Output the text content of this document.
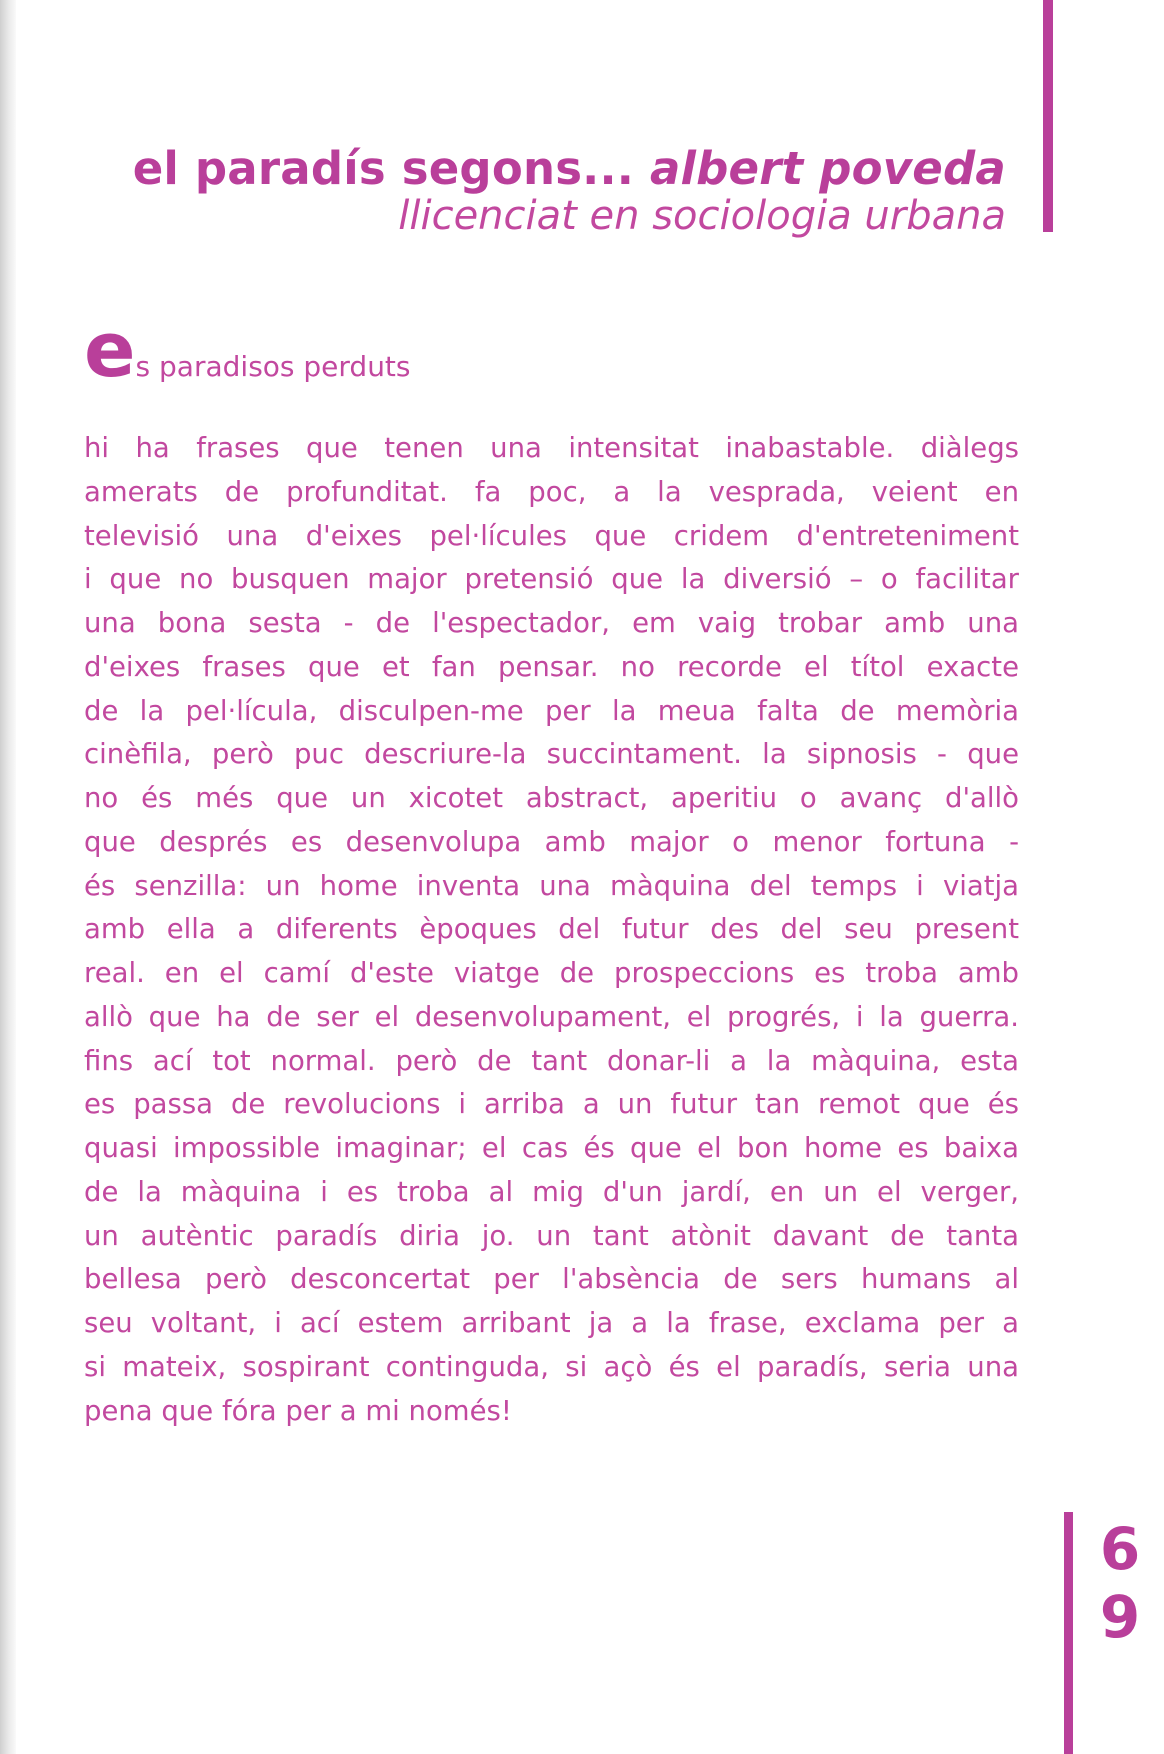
el paradís segons... albert poveda
llicenciat en sociologia urbana
es paradisos perduts
hi ha frases que tenen una intensitat inabastable. diàlegs
amerats de profunditat. fa poc, a la vesprada, veient en
televisió una d'eixes pel·lícules que cridem d'entreteniment
i que no busquen major pretensió que la diversió – o facilitar
una bona sesta - de l'espectador, em vaig trobar amb una
d'eixes frases que et fan pensar. no recorde el títol exacte
de la pel·lícula, disculpen-me per la meua falta de memòria
cinèfila, però puc descriure-la succintament. la sipnosis - que
no és més que un xicotet abstract, aperitiu o avanç d'allò
que després es desenvolupa amb major o menor fortuna -
és senzilla: un home inventa una màquina del temps i viatja
amb ella a diferents èpoques del futur des del seu present
real. en el camí d'este viatge de prospeccions es troba amb
allò que ha de ser el desenvolupament, el progrés, i la guerra.
fins ací tot normal. però de tant donar-li a la màquina, esta
es passa de revolucions i arriba a un futur tan remot que és
quasi impossible imaginar; el cas és que el bon home es baixa
de la màquina i es troba al mig d'un jardí, en un el verger,
un autèntic paradís diria jo. un tant atònit davant de tanta
bellesa però desconcertat per l'absència de sers humans al
seu voltant, i ací estem arribant ja a la frase, exclama per a
si mateix, sospirant continguda, si açò és el paradís, seria una
pena que fóra per a mi només!
6
9
